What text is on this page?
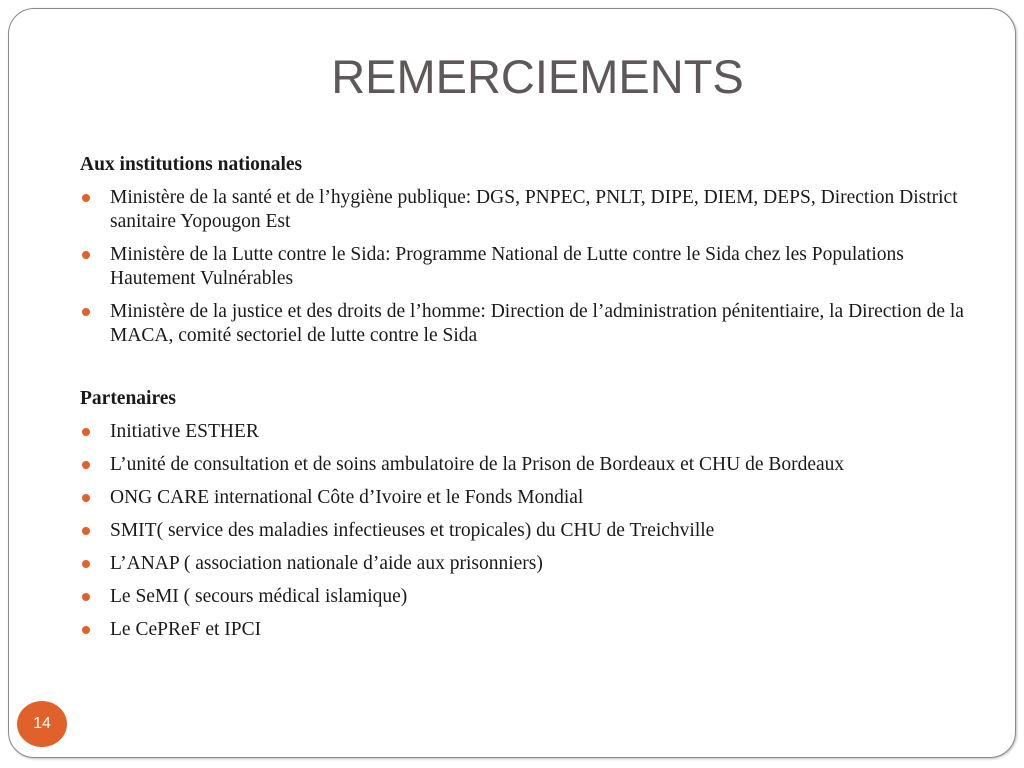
REMERCIEMENTS
Aux institutions nationales
Ministère de la santé et de l’hygiène publique: DGS, PNPEC, PNLT, DIPE, DIEM, DEPS, Direction District sanitaire Yopougon Est
Ministère de la Lutte contre le Sida: Programme National de Lutte contre le Sida chez les Populations Hautement Vulnérables
Ministère de la justice et des droits de l’homme: Direction de l’administration pénitentiaire, la Direction de la MACA, comité sectoriel de lutte contre le Sida
Partenaires
Initiative ESTHER
L’unité de consultation et de soins ambulatoire de la Prison de Bordeaux et CHU de Bordeaux
ONG CARE international Côte d’Ivoire et le Fonds Mondial
SMIT( service des maladies infectieuses et tropicales) du CHU de Treichville
L’ANAP ( association nationale d’aide aux prisonniers)
Le SeMI ( secours médical islamique)
Le CePReF et IPCI
14
